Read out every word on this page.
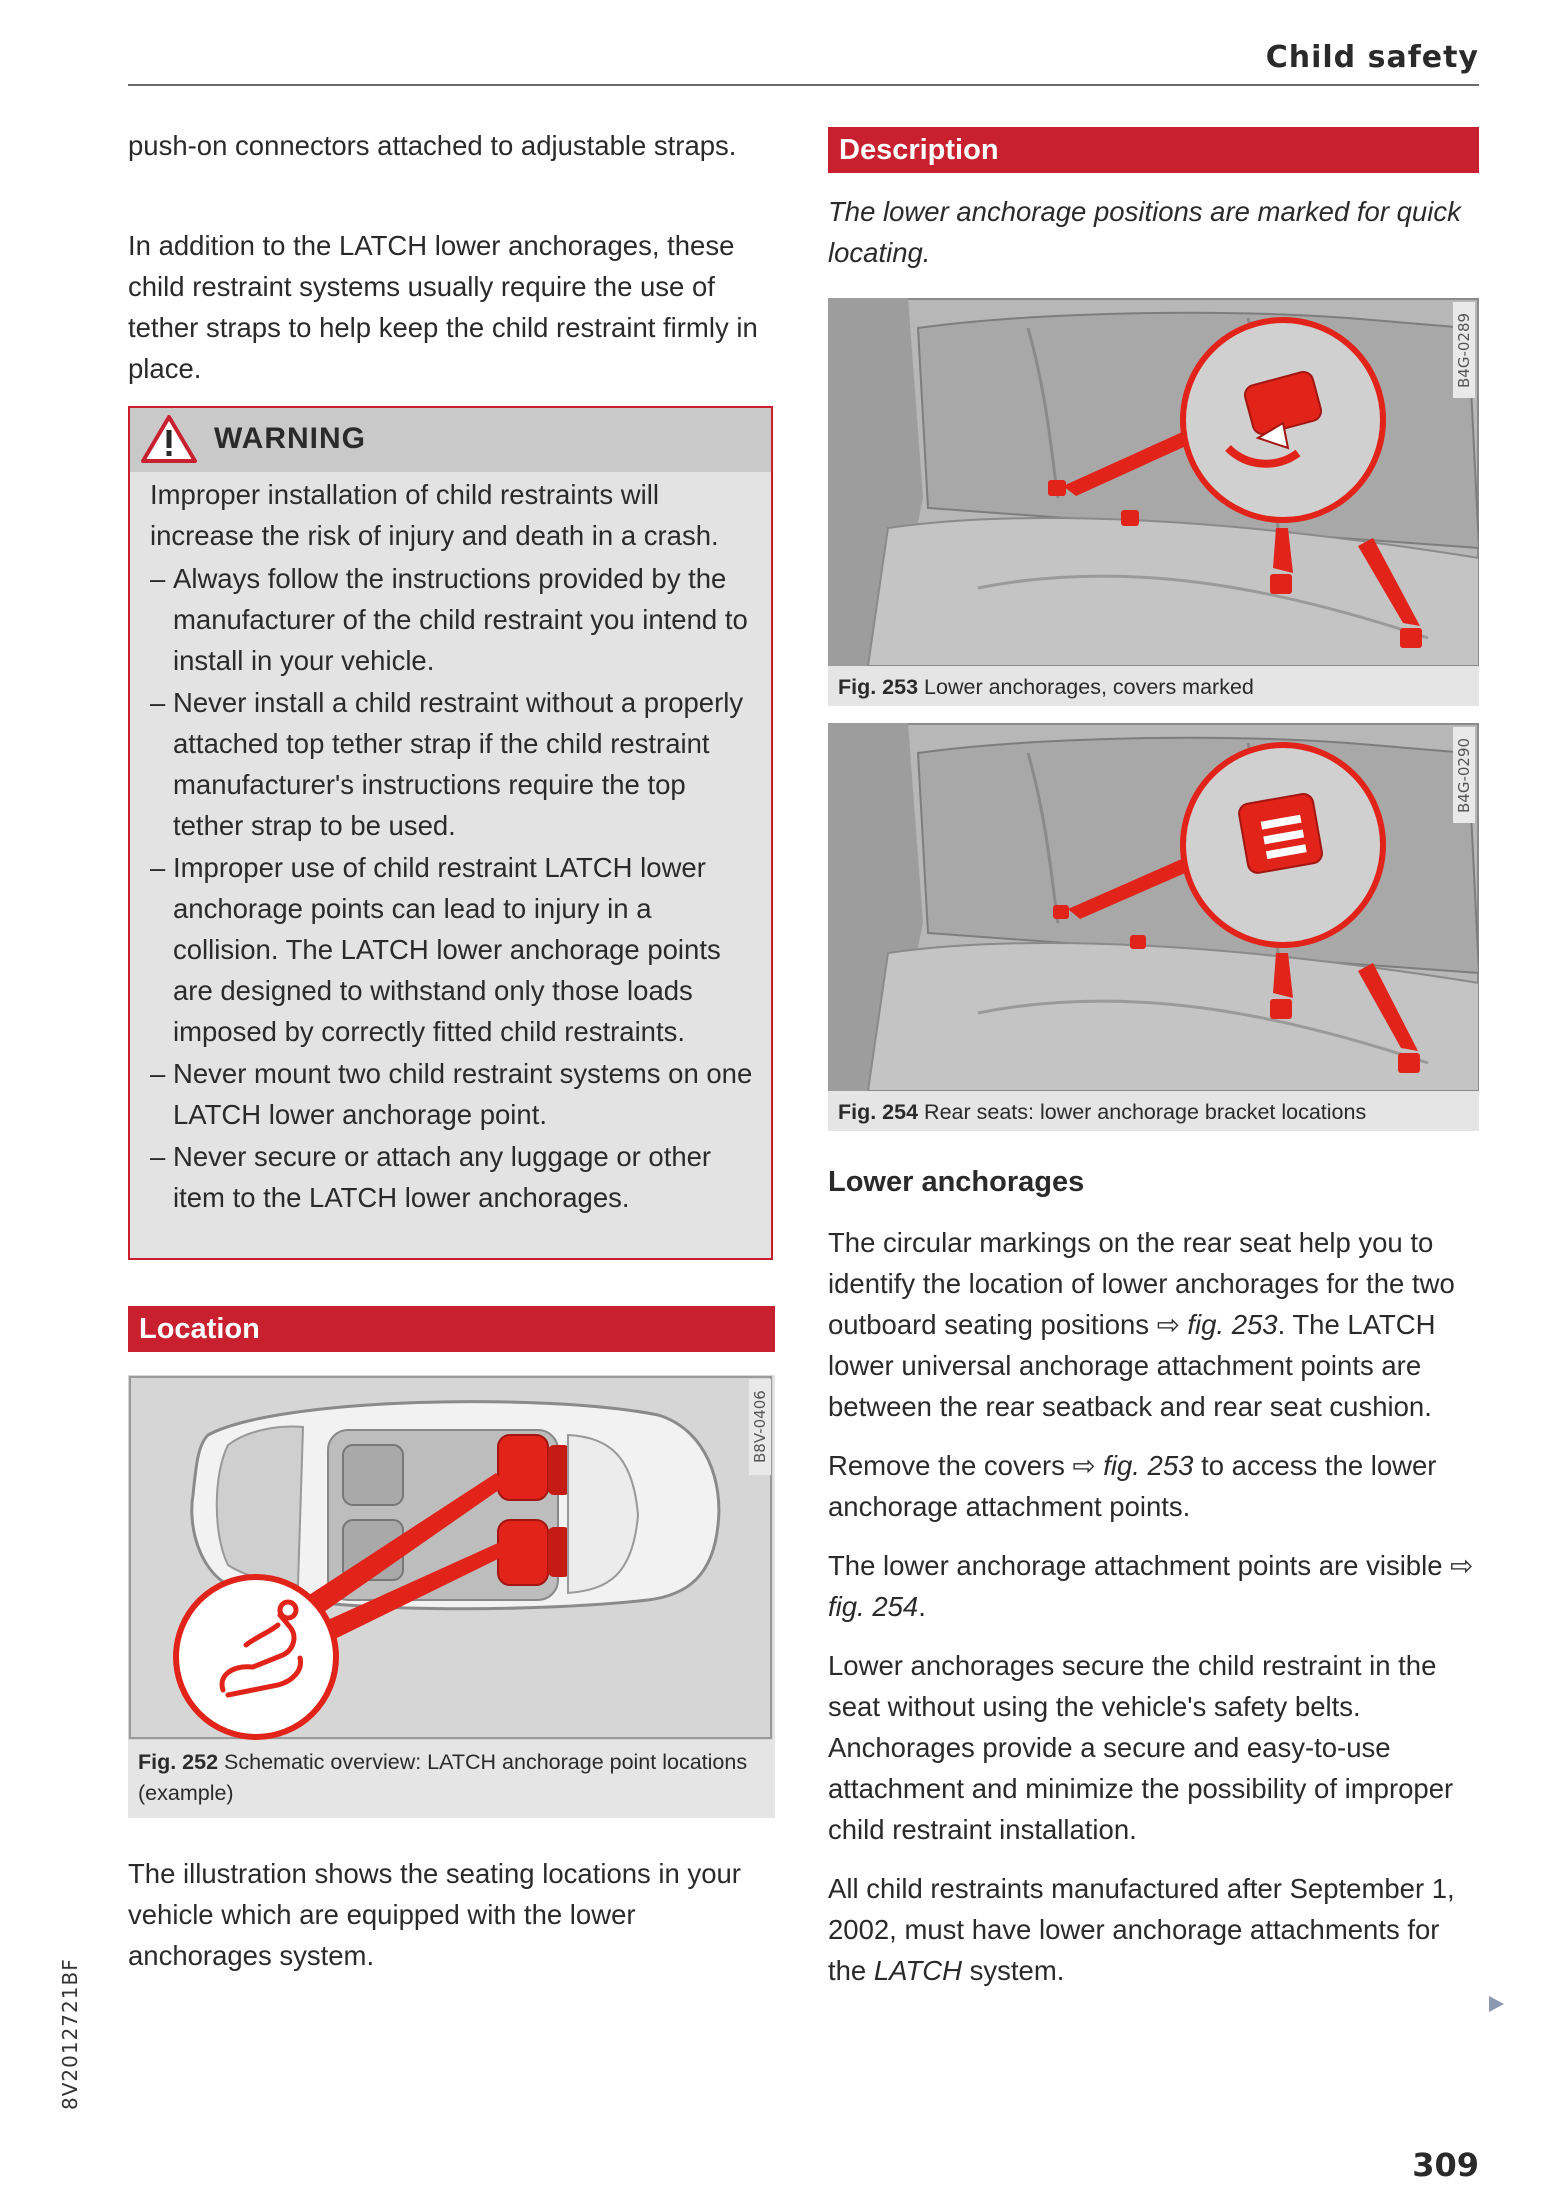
Child safety

push-on connectors attached to adjustable straps.

In addition to the LATCH lower anchorages, these child restraint systems usually require the use of tether straps to help keep the child restraint firmly in place.

WARNING

Improper installation of child restraints will increase the risk of injury and death in a crash.

– Always follow the instructions provided by the manufacturer of the child restraint you intend to install in your vehicle.
– Never install a child restraint without a properly attached top tether strap if the child restraint manufacturer's instructions require the top tether strap to be used.
– Improper use of child restraint LATCH lower anchorage points can lead to injury in a collision. The LATCH lower anchorage points are designed to withstand only those loads imposed by correctly fitted child restraints.
– Never mount two child restraint systems on one LATCH lower anchorage point.
– Never secure or attach any luggage or other item to the LATCH lower anchorages.
Location
B8V-0406
Fig. 252 Schematic overview: LATCH anchorage point locations (example)

The illustration shows the seating locations in your vehicle which are equipped with the lower anchorages system.

Description

The lower anchorage positions are marked for quick locating.

B4G-0289
Fig. 253 Lower anchorages, covers marked
B4G-0290
Fig. 254 Rear seats: lower anchorage bracket locations
Lower anchorages

The circular markings on the rear seat help you to identify the location of lower anchorages for the two outboard seating positions ⇨ fig. 253. The LATCH lower universal anchorage attachment points are between the rear seatback and rear seat cushion.

Remove the covers ⇨ fig. 253 to access the lower anchorage attachment points.

The lower anchorage attachment points are visible ⇨ fig. 254.

Lower anchorages secure the child restraint in the seat without using the vehicle's safety belts. Anchorages provide a secure and easy-to-use attachment and minimize the possibility of improper child restraint installation.

All child restraints manufactured after September 1, 2002, must have lower anchorage attachments for the LATCH system.

309
8V2012721BF
